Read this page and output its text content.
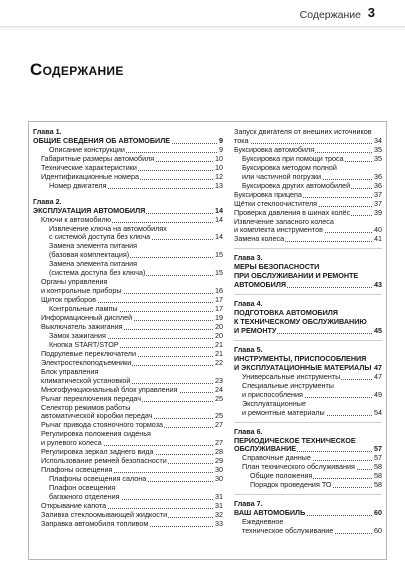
Содержание 3
Содержание
Глава 1.
ОБЩИЕ СВЕДЕНИЯ ОБ АВТОМОБИЛЕ	9
Описание конструкции	9
Габаритные размеры автомобиля	10
Технические характеристики	10
Идентификационные номера	12
Номер двигателя	13
Глава 2.
ЭКСПЛУАТАЦИЯ АВТОМОБИЛЯ	14
Ключи к автомобилю	14
Извлечение ключа на автомобилях
с системой доступа без ключа	14
Замена элемента питания
(базовая комплектация)	15
Замена элемента питания
(система доступа без ключа)	15
Органы управления
и контрольные приборы	16
Щиток приборов	17
Контрольные лампы	17
Информационный дисплей	19
Выключатель зажигания	20
Замок зажигания	20
Кнопка START/STOP	21
Подрулевые переключатели	21
Электростеклоподъемники	22
Блок управления
климатической установкой	23
Многофункциональный блок управления	24
Рычаг переключения передач	25
Селектор режимов работы
автоматической коробки передач	25
Рычаг привода стояночного тормоза	27
Регулировка положения сиденья
и рулевого колеса	27
Регулировка зеркал заднего вида	28
Использование ремней безопасности	29
Плафоны освещения	30
Плафоны освещения салона	30
Плафон освещения
багажного отделения	31
Открывание капота	31
Заливка стеклоомывающей жидкости	32
Заправка автомобиля топливом	33
Запуск двигателя от внешних источников
тока	34
Буксировка автомобиля	35
Буксировка при помощи троса	35
Буксировка методом полной
или частичной погрузки	36
Буксировка других автомобилей	36
Буксировка прицепа	37
Щётки стеклоочистителя	37
Проверка давления в шинах колёс	39
Извлечение запасного колеса
и комплекта инструментов	40
Замена колеса	41
Глава 3.
МЕРЫ БЕЗОПАСНОСТИ
ПРИ ОБСЛУЖИВАНИИ И РЕМОНТЕ
АВТОМОБИЛЯ	43
Глава 4.
ПОДГОТОВКА АВТОМОБИЛЯ
К ТЕХНИЧЕСКОМУ ОБСЛУЖИВАНИЮ
И РЕМОНТУ	45
Глава 5.
ИНСТРУМЕНТЫ, ПРИСПОСОБЛЕНИЯ
И ЭКСПЛУАТАЦИОННЫЕ МАТЕРИАЛЫ 47
Универсальные инструменты	47
Специальные инструменты
и приспособления	49
Эксплуатационные
и ремонтные материалы	54
Глава 6.
ПЕРИОДИЧЕСКОЕ ТЕХНИЧЕСКОЕ
ОБСЛУЖИВАНИЕ	57
Справочные данные	57
План технического обслуживания	58
Общие положения	58
Порядок проведения ТО	58
Глава 7.
ВАШ АВТОМОБИЛЬ	60
Ежедневное
техническое обслуживание	60
